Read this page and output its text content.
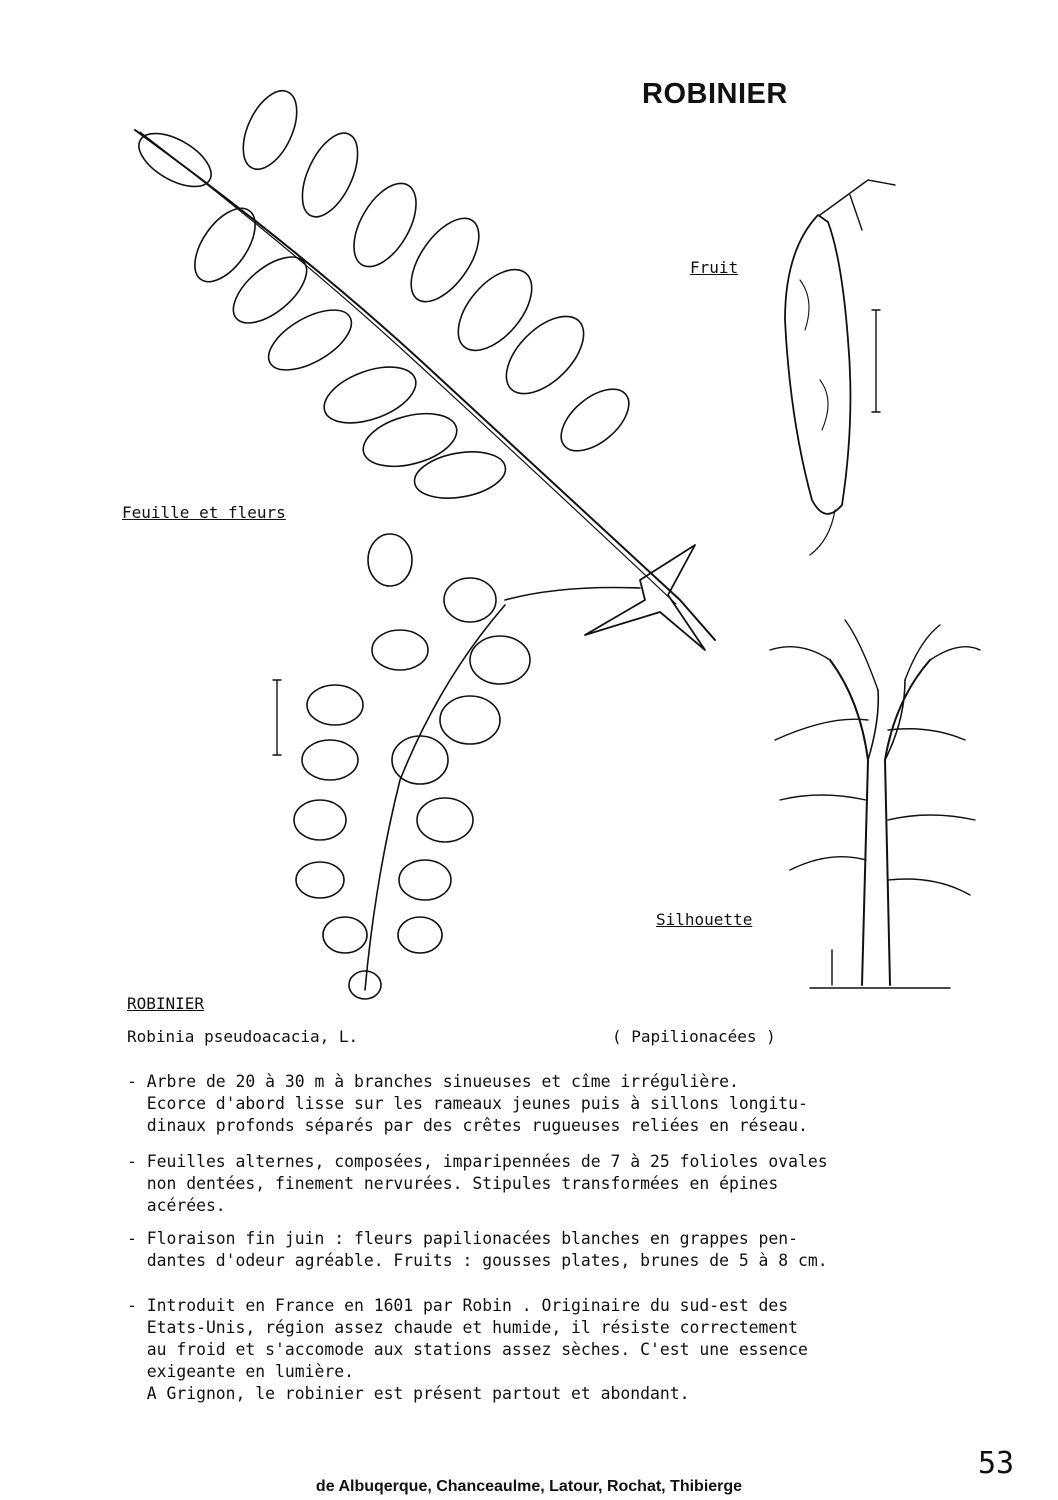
ROBINIER
Fruit
Feuille et fleurs
Silhouette
ROBINIER
Robinia pseudoacacia, L.	( Papilionacées )
- Arbre de 20 à 30 m à branches sinueuses et cîme irrégulière.
Ecorce d'abord lisse sur les rameaux jeunes puis à sillons longitu-
dinaux profonds séparés par des crêtes rugueuses reliées en réseau.
- Feuilles alternes, composées, imparipennées de 7 à 25 folioles ovales
non dentées, finement nervurées. Stipules transformées en épines
acérées.
- Floraison fin juin : fleurs papilionacées blanches en grappes pen-
dantes d'odeur agréable. Fruits : gousses plates, brunes de 5 à 8 cm.
- Introduit en France en 1601 par Robin . Originaire du sud-est des
Etats-Unis, région assez chaude et humide, il résiste correctement
au froid et s'accomode aux stations assez sèches. C'est une essence
exigeante en lumière.
A Grignon, le robinier est présent partout et abondant.
53
de Albuqerque, Chanceaulme, Latour, Rochat, Thibierge
